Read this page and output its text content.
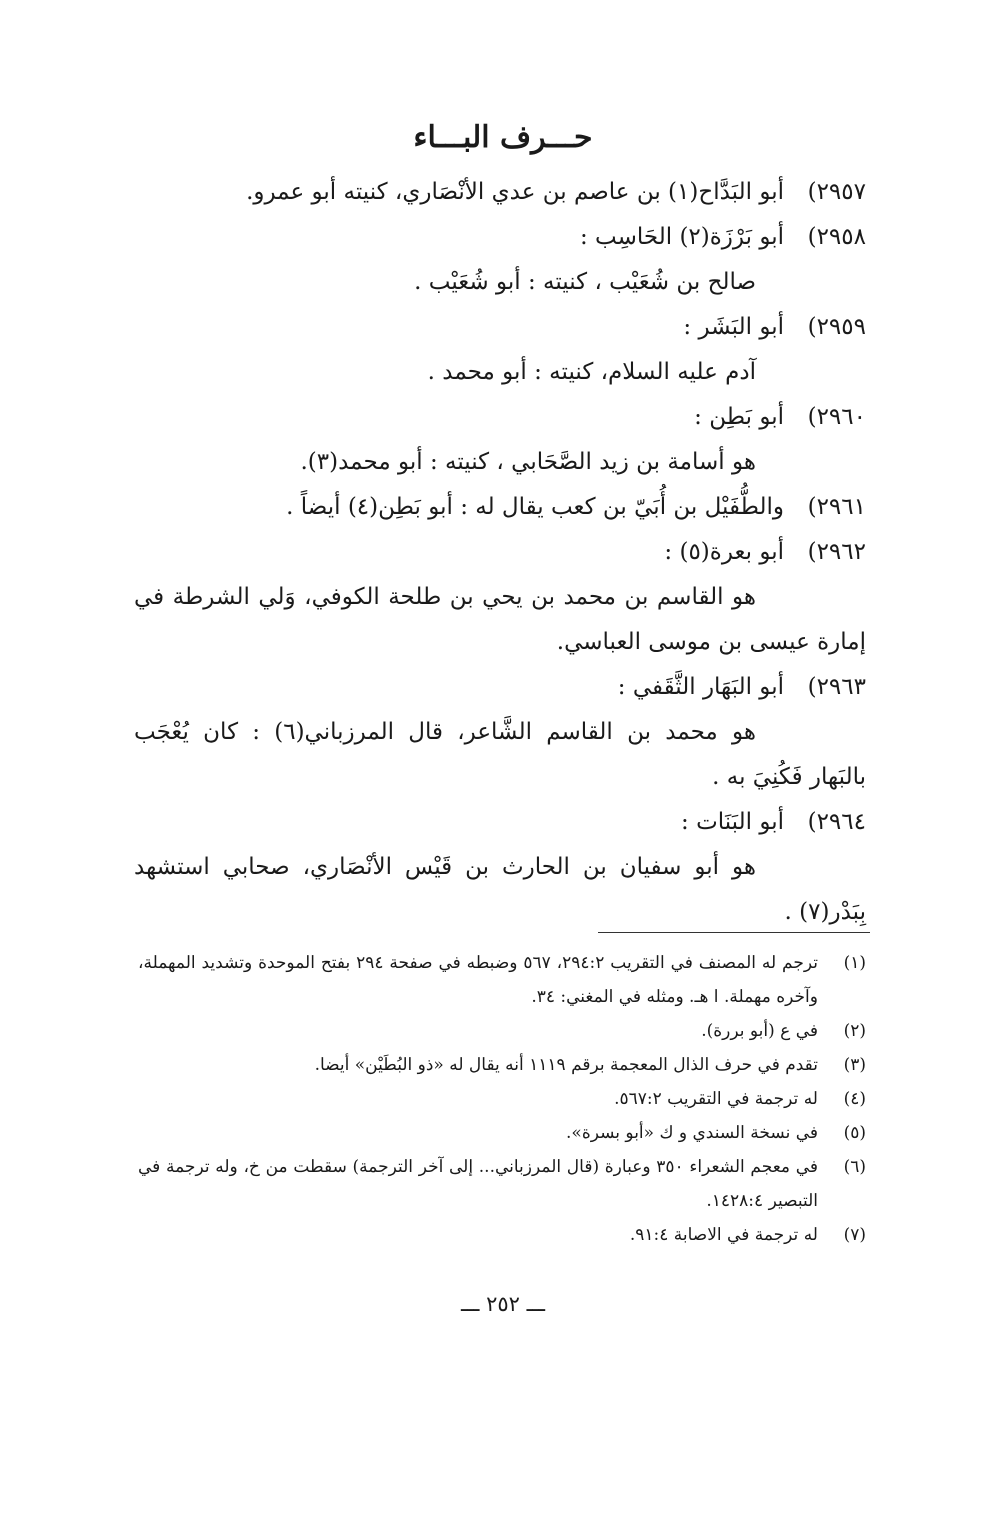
حـــرف البـــاء
٢٩٥٧)
أبو البَدَّاح(١) بن عاصم بن عدي الأنْصَاري، كنيته أبو عمرو.
٢٩٥٨)
أبو بَرْزَة(٢) الحَاسِب :
صالح بن شُعَيْب ، كنيته : أبو شُعَيْب .
٢٩٥٩)
أبو البَشَر :
آدم عليه السلام، كنيته : أبو محمد .
٢٩٦٠)
أبو بَطِن :
هو أسامة بن زيد الصَّحَابي ، كنيته : أبو محمد(٣).
٢٩٦١)
والطُّفَيْل بن أُبَيّ بن كعب يقال له : أبو بَطِن(٤) أيضاً .
٢٩٦٢)
أبو بعرة(٥) :
هو القاسم بن محمد بن يحي بن طلحة الكوفي، وَلي الشرطة في إمارة عيسى بن موسى العباسي.
٢٩٦٣)
أبو البَهَار الثَّقَفي :
هو محمد بن القاسم الشَّاعر، قال المرزباني(٦) : كان يُعْجَب بالبَهار فَكُنِيَ به .
٢٩٦٤)
أبو البَنَات :
هو أبو سفيان بن الحارث بن قَيْس الأنْصَاري، صحابي استشهد بِبَدْر(٧) .
(١)
ترجم له المصنف في التقريب ٢٩٤:٢، ٥٦٧ وضبطه في صفحة ٢٩٤ بفتح الموحدة وتشديد المهملة، وآخره مهملة. ا هـ. ومثله في المغني: ٣٤.
(٢)
في ع (أبو بررة).
(٣)
تقدم في حرف الذال المعجمة برقم ١١١٩ أنه يقال له «ذو البُطَيْن» أيضا.
(٤)
له ترجمة في التقريب ٥٦٧:٢.
(٥)
في نسخة السندي و ك «أبو بسرة».
(٦)
في معجم الشعراء ٣٥٠ وعبارة (قال المرزباني... إلى آخر الترجمة) سقطت من خ، وله ترجمة في التبصير ١٤٢٨:٤.
(٧)
له ترجمة في الاصابة ٩١:٤.
ـــ ٢٥٢ ـــ
